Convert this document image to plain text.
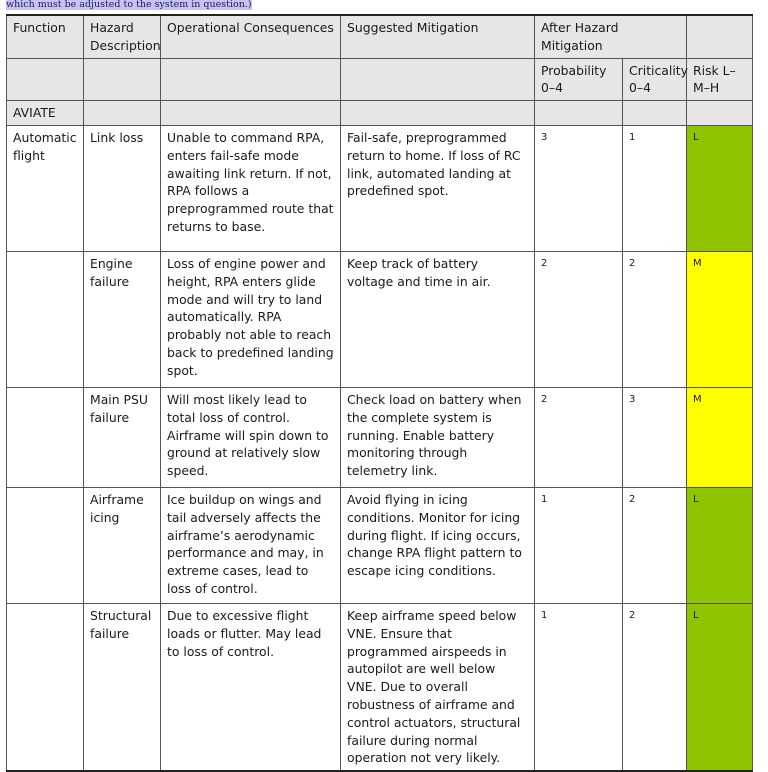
which must be adjusted to the system in question.)
Function	Hazard Description	Operational Consequences	Suggested Mitigation	After Hazard Mitigation		
				Probability 0–4	Criticality 0–4	Risk L–M–H
AVIATE						
Automatic flight	Link loss	Unable to command RPA, enters fail-safe mode awaiting link return. If not, RPA follows a preprogrammed route that returns to base.	Fail-safe, preprogrammed return to home. If loss of RC link, automated landing at predefined spot.	3	1	L
	Engine failure	Loss of engine power and height, RPA enters glide mode and will try to land automatically. RPA probably not able to reach back to predefined landing spot.	Keep track of battery voltage and time in air.	2	2	M
	Main PSU failure	Will most likely lead to total loss of control. Airframe will spin down to ground at relatively slow speed.	Check load on battery when the complete system is running. Enable battery monitoring through telemetry link.	2	3	M
	Airframe icing	Ice buildup on wings and tail adversely affects the airframe’s aerodynamic performance and may, in extreme cases, lead to loss of control.	Avoid flying in icing conditions. Monitor for icing during flight. If icing occurs, change RPA flight pattern to escape icing conditions.	1	2	L
	Structural failure	Due to excessive flight loads or flutter. May lead to loss of control.	Keep airframe speed below VNE. Ensure that programmed airspeeds in autopilot are well below VNE. Due to overall robustness of airframe and control actuators, structural failure during normal operation not very likely.	1	2	L
